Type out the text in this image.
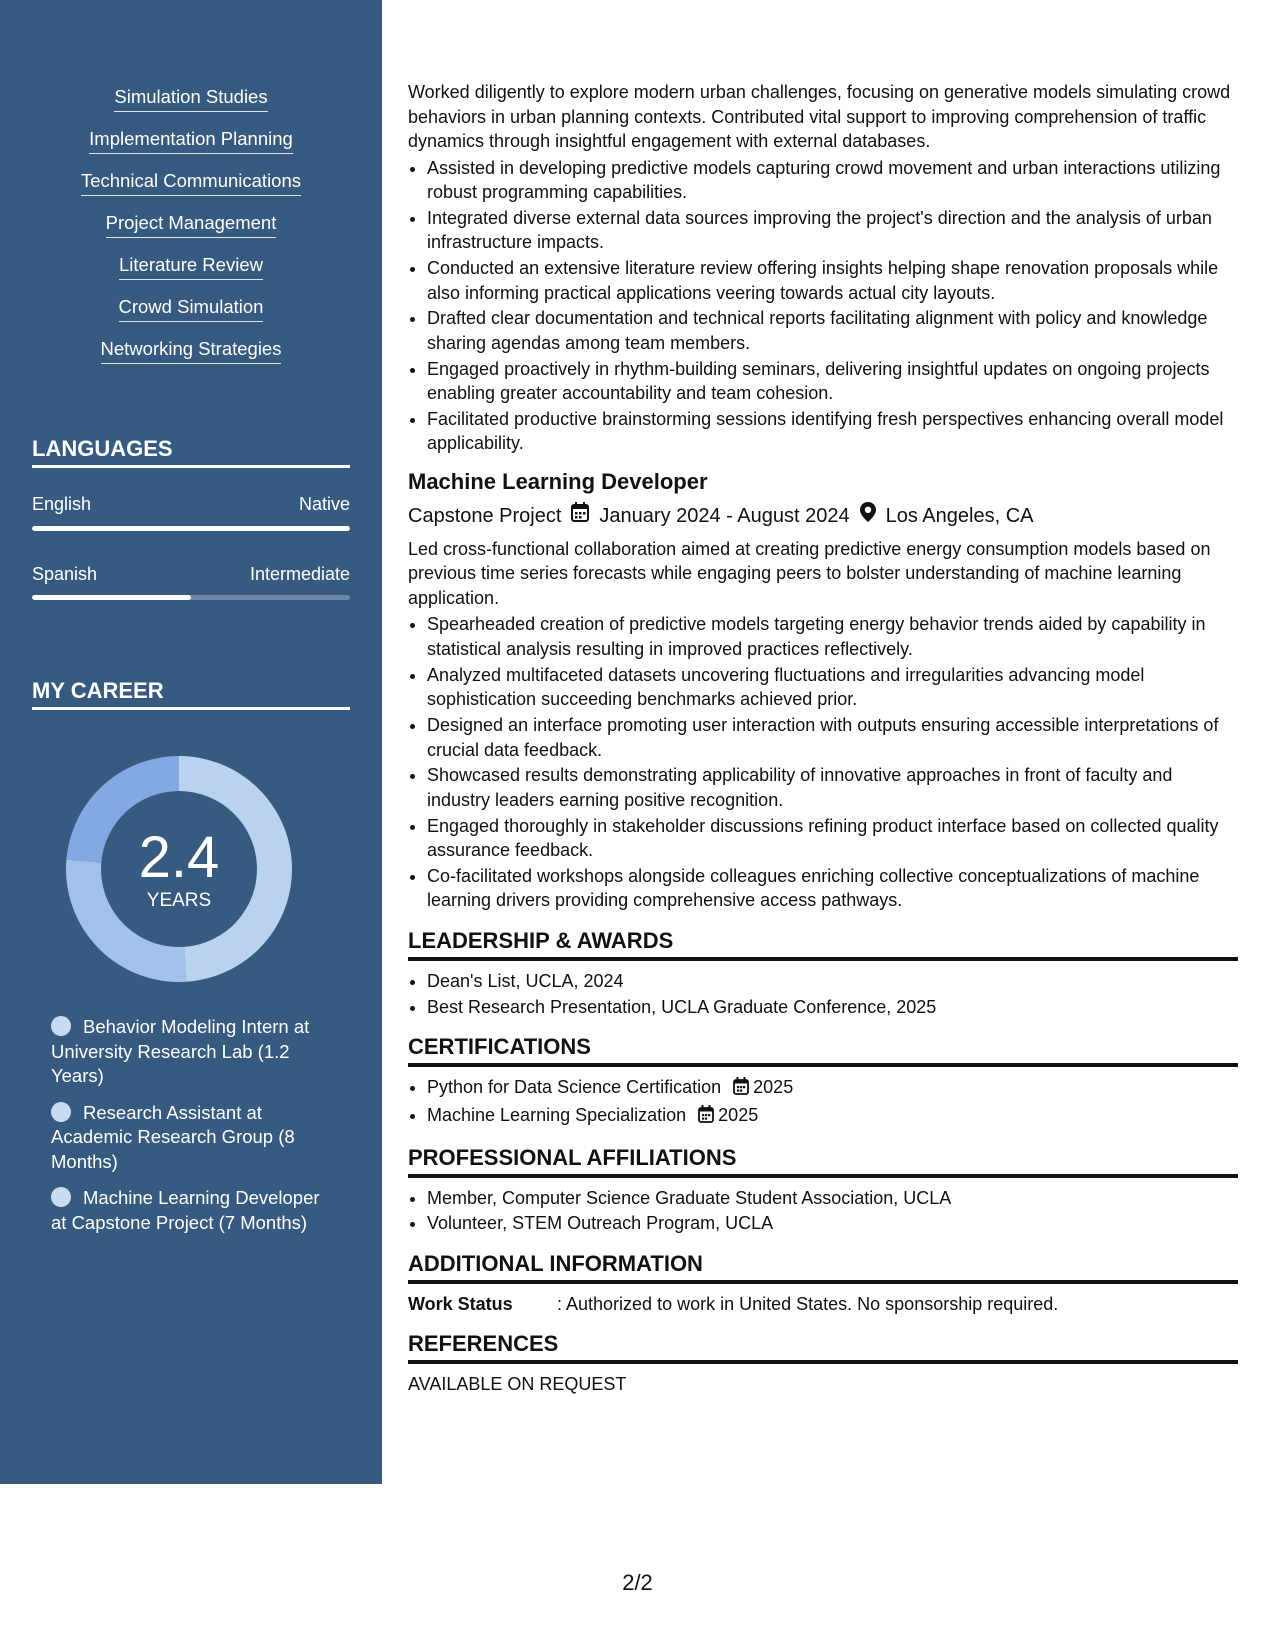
Simulation Studies
Implementation Planning
Technical Communications
Project Management
Literature Review
Crowd Simulation
Networking Strategies
LANGUAGES
English	Native
Spanish	Intermediate
MY CAREER
2.4
YEARS
Behavior Modeling Intern at University Research Lab (1.2 Years)
Research Assistant at Academic Research Group (8 Months)
Machine Learning Developer at Capstone Project (7 Months)

Worked diligently to explore modern urban challenges, focusing on generative models simulating crowd behaviors in urban planning contexts. Contributed vital support to improving comprehension of traffic dynamics through insightful engagement with external databases.

• Assisted in developing predictive models capturing crowd movement and urban interactions utilizing robust programming capabilities.
• Integrated diverse external data sources improving the project's direction and the analysis of urban infrastructure impacts.
• Conducted an extensive literature review offering insights helping shape renovation proposals while also informing practical applications veering towards actual city layouts.
• Drafted clear documentation and technical reports facilitating alignment with policy and knowledge sharing agendas among team members.
• Engaged proactively in rhythm-building seminars, delivering insightful updates on ongoing projects enabling greater accountability and team cohesion.
• Facilitated productive brainstorming sessions identifying fresh perspectives enhancing overall model applicability.
Machine Learning Developer
Capstone Project January 2024 - August 2024 Los Angeles, CA

Led cross-functional collaboration aimed at creating predictive energy consumption models based on previous time series forecasts while engaging peers to bolster understanding of machine learning application.

• Spearheaded creation of predictive models targeting energy behavior trends aided by capability in statistical analysis resulting in improved practices reflectively.
• Analyzed multifaceted datasets uncovering fluctuations and irregularities advancing model sophistication succeeding benchmarks achieved prior.
• Designed an interface promoting user interaction with outputs ensuring accessible interpretations of crucial data feedback.
• Showcased results demonstrating applicability of innovative approaches in front of faculty and industry leaders earning positive recognition.
• Engaged thoroughly in stakeholder discussions refining product interface based on collected quality assurance feedback.
• Co-facilitated workshops alongside colleagues enriching collective conceptualizations of machine learning drivers providing comprehensive access pathways.
LEADERSHIP & AWARDS
• Dean's List, UCLA, 2024
• Best Research Presentation, UCLA Graduate Conference, 2025
CERTIFICATIONS
• Python for Data Science Certification 2025
• Machine Learning Specialization 2025
PROFESSIONAL AFFILIATIONS
• Member, Computer Science Graduate Student Association, UCLA
• Volunteer, STEM Outreach Program, UCLA
ADDITIONAL INFORMATION
Work Status	: Authorized to work in United States. No sponsorship required.
REFERENCES
AVAILABLE ON REQUEST
2/2
